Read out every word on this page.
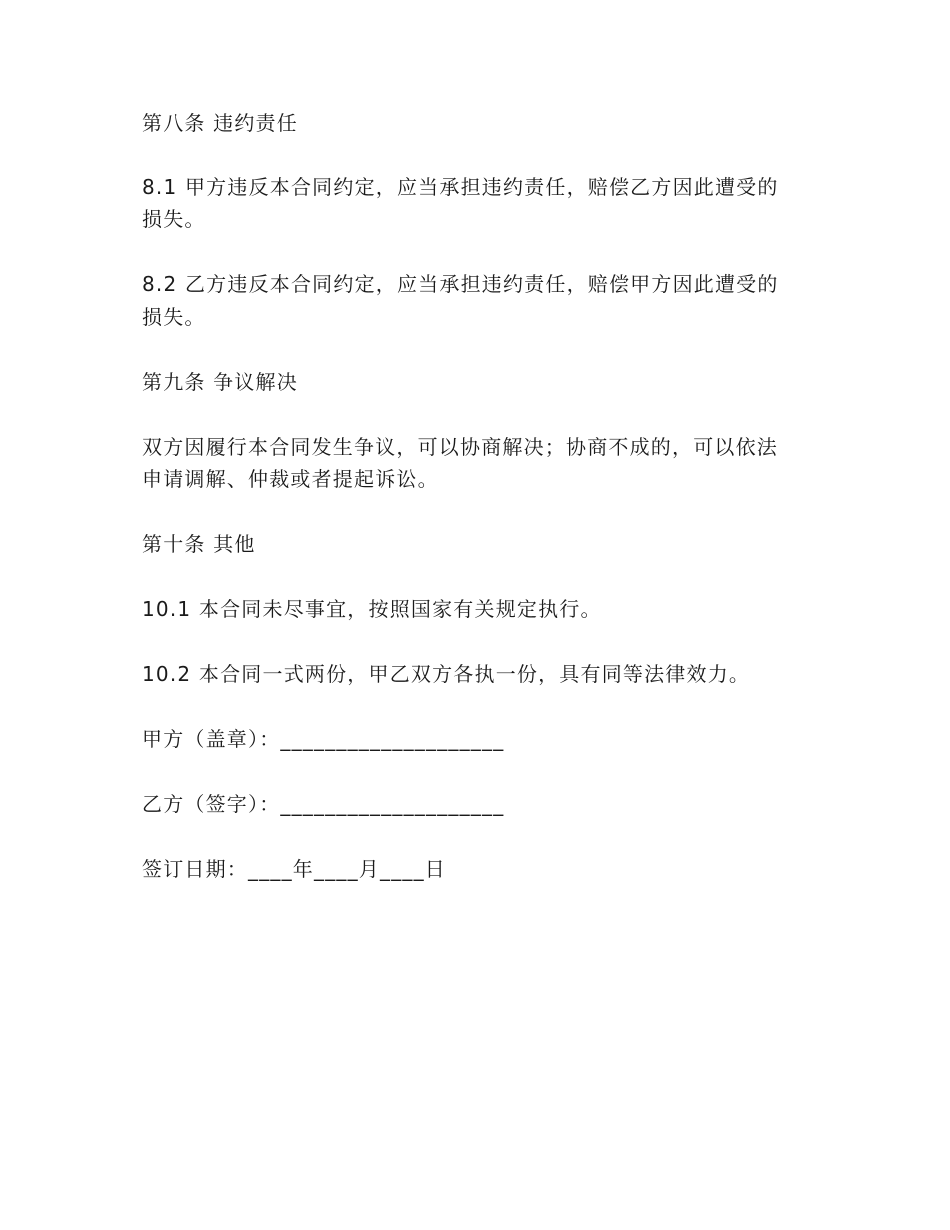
第八条 违约责任

8.1 甲方违反本合同约定，应当承担违约责任，赔偿乙方因此遭受的

损失。

8.2 乙方违反本合同约定，应当承担违约责任，赔偿甲方因此遭受的

损失。

第九条 争议解决

双方因履行本合同发生争议，可以协商解决；协商不成的，可以依法

申请调解、仲裁或者提起诉讼。

第十条 其他

10.1 本合同未尽事宜，按照国家有关规定执行。

10.2 本合同一式两份，甲乙双方各执一份，具有同等法律效力。

甲方（盖章）：____________________

乙方（签字）：____________________

签订日期：____年____月____日
